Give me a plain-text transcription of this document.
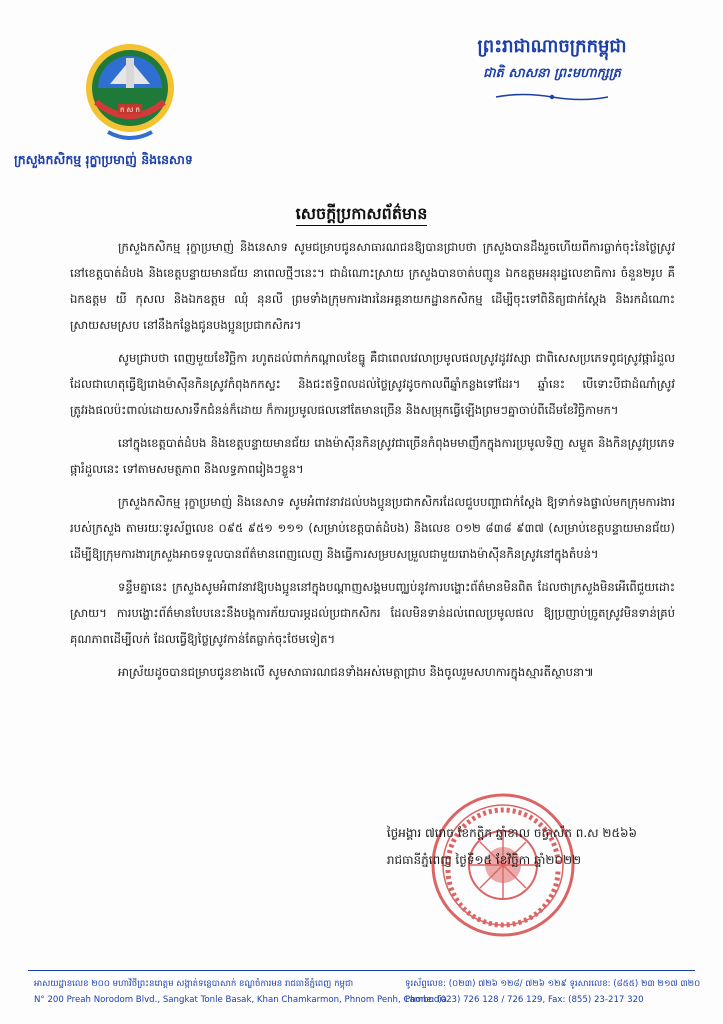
ក ស ក
ក្រសួងកសិកម្ម រុក្ខាប្រមាញ់ និងនេសាទ
ព្រះរាជាណាចក្រកម្ពុជា
ជាតិ សាសនា ព្រះមហាក្សត្រ
សេចក្ដីប្រកាសព័ត៌មាន

ក្រសួងកសិកម្ម រុក្ខាប្រមាញ់ និងនេសាទ សូមជម្រាបជូនសាធារណជនឱ្យបានជ្រាបថា ក្រសួងបានដឹងរួចហើយពីការធ្លាក់ចុះនៃថ្លៃស្រូវនៅខេត្តបាត់ដំបង និងខេត្តបន្ទាយមានជ័យ នាពេលថ្មីៗនេះ។ ជាដំណោះស្រាយ ក្រសួងបានចាត់បញ្ជូន ឯកឧត្តមអនុរដ្ឋលេខាធិការ ចំនួន២រូប គឺ ឯកឧត្តម យី កុសល និងឯកឧត្តម ឈុំ នុនលី ព្រមទាំងក្រុមការងារនៃអគ្គនាយកដ្ឋានកសិកម្ម ដើម្បីចុះទៅពិនិត្យជាក់ស្តែង និងរកដំណោះស្រាយសមស្រប នៅនឹងកន្លែងជូនបងប្អូនប្រជាកសិករ។

សូមជ្រាបថា ពេញមួយខែវិច្ឆិកា រហូតដល់ពាក់កណ្តាលខែធ្នូ គឺជាពេលវេលាប្រមូលផលស្រូវដូវវស្សា ជាពិសេសប្រភេទពូជស្រូវផ្ការំដួល ដែលជាហេតុធ្វើឱ្យរោងម៉ាស៊ីនកិនស្រូវកំពុងកកស្ទះ និងជះឥទ្ធិពលដល់ថ្លៃស្រូវដូចកាលពីឆ្នាំកន្លងទៅដែរ។ ឆ្នាំនេះ បើទោះបីជាដំណាំស្រូវត្រូវរងផលប៉ះពាល់ដោយសារទឹកជំនន់ក៏ដោយ ក៏ការប្រមូលផលនៅតែមានច្រើន និងសម្រុកធ្វើឡើងព្រមៗគ្នាចាប់ពីដើមខែវិច្ឆិកាមក។

នៅក្នុងខេត្តបាត់ដំបង និងខេត្តបន្ទាយមានជ័យ រោងម៉ាស៊ីនកិនស្រូវជាច្រើនកំពុងមមាញឹកក្នុងការប្រមូលទិញ សម្ងួត និងកិនស្រូវប្រភេទផ្ការំដួលនេះ ទៅតាមសមត្ថភាព និងលទ្ធភាពរៀងៗខ្លួន។

ក្រសួងកសិកម្ម រុក្ខាប្រមាញ់ និងនេសាទ សូមអំពាវនាវដល់បងប្អូនប្រជាកសិករដែលជួបបញ្ហាជាក់ស្តែង ឱ្យទាក់ទងផ្ទាល់មកក្រុមការងាររបស់ក្រសួង តាមរយៈទូរស័ព្ទលេខ ០៩៥ ៩៥១ ១១១ (សម្រាប់ខេត្តបាត់ដំបង) និងលេខ ០១២ ៨៣៨ ៩៣៧ (សម្រាប់ខេត្តបន្ទាយមានជ័យ) ដើម្បីឱ្យក្រុមការងារក្រសួងអាចទទួលបានព័ត៌មានពេញលេញ និងធ្វើការសម្របសម្រួលជាមួយរោងម៉ាស៊ីនកិនស្រូវនៅក្នុងតំបន់។

ទន្ទឹមគ្នានេះ ក្រសួងសូមអំពាវនាវឱ្យបងប្អូននៅក្នុងបណ្តាញសង្គមបញ្ឈប់នូវការបង្ហោះព័ត៌មានមិនពិត ដែលថាក្រសួងមិនអើពើជួយដោះស្រាយ។ ការបង្ហោះព័ត៌មានបែបនេះនឹងបង្កការភ័យបារម្ភដល់ប្រជាកសិករ ដែលមិនទាន់ដល់ពេលប្រមូលផល ឱ្យប្រញាប់ច្រូតស្រូវមិនទាន់គ្រប់គុណភាពដើម្បីលក់ ដែលធ្វើឱ្យថ្លៃស្រូវកាន់តែធ្លាក់ចុះថែមទៀត។

អាស្រ័យដូចបានជម្រាបជូនខាងលើ សូមសាធារណជនទាំងអស់មេត្តាជ្រាប និងចូលរួមសហការក្នុងស្មារតីស្ថាបនា៕

ថ្ងៃអង្គារ ៧រោច ខែកត្តិក ឆ្នាំខាល ចត្វាស័ក ព.ស ២៥៦៦
រាជធានីភ្នំពេញ ថ្ងៃទី១៥ ខែវិច្ឆិកា ឆ្នាំ២០២២
អាសយដ្ឋានលេខ ២០០ មហាវិថីព្រះនរោត្តម សង្កាត់ទន្លេបាសាក់ ខណ្ឌចំការមន រាជធានីភ្នំពេញ កម្ពុជា
N° 200 Preah Norodom Blvd., Sangkat Tonle Basak, Khan Chamkarmon, Phnom Penh, Cambodia
ទូរស័ព្ទលេខ: (០២៣) ៧២៦ ១២៨/ ៧២៦ ១២៩ ទូរសារលេខ: (៨៥៥) ២៣ ២១៧ ៣២០
Phone: (023) 726 128 / 726 129, Fax: (855) 23-217 320
